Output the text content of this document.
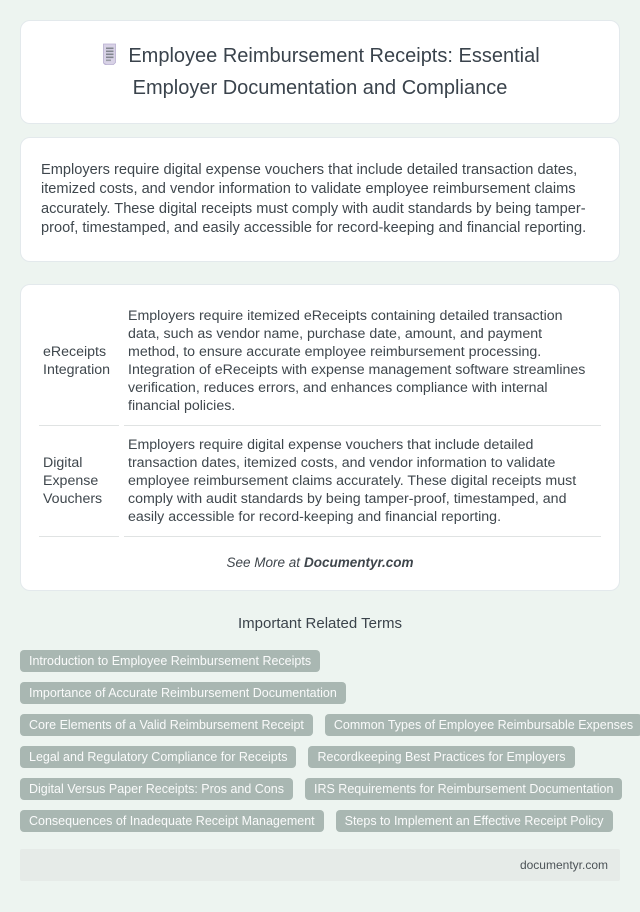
Employee Reimbursement Receipts: Essential Employer Documentation and Compliance

Employers require digital expense vouchers that include detailed transaction dates, itemized costs, and vendor information to validate employee reimbursement claims accurately. These digital receipts must comply with audit standards by being tamper-proof, timestamped, and easily accessible for record-keeping and financial reporting.

eReceipts Integration	Employers require itemized eReceipts containing detailed transaction data, such as vendor name, purchase date, amount, and payment method, to ensure accurate employee reimbursement processing. Integration of eReceipts with expense management software streamlines verification, reduces errors, and enhances compliance with internal financial policies.
Digital Expense Vouchers	Employers require digital expense vouchers that include detailed transaction dates, itemized costs, and vendor information to validate employee reimbursement claims accurately. These digital receipts must comply with audit standards by being tamper-proof, timestamped, and easily accessible for record-keeping and financial reporting.
See More at Documentyr.com
Important Related Terms
Introduction to Employee Reimbursement Receipts
Importance of Accurate Reimbursement Documentation
Core Elements of a Valid Reimbursement Receipt	Common Types of Employee Reimbursable Expenses
Legal and Regulatory Compliance for Receipts	Recordkeeping Best Practices for Employers
Digital Versus Paper Receipts: Pros and Cons	IRS Requirements for Reimbursement Documentation
Consequences of Inadequate Receipt Management	Steps to Implement an Effective Receipt Policy
documentyr.com
